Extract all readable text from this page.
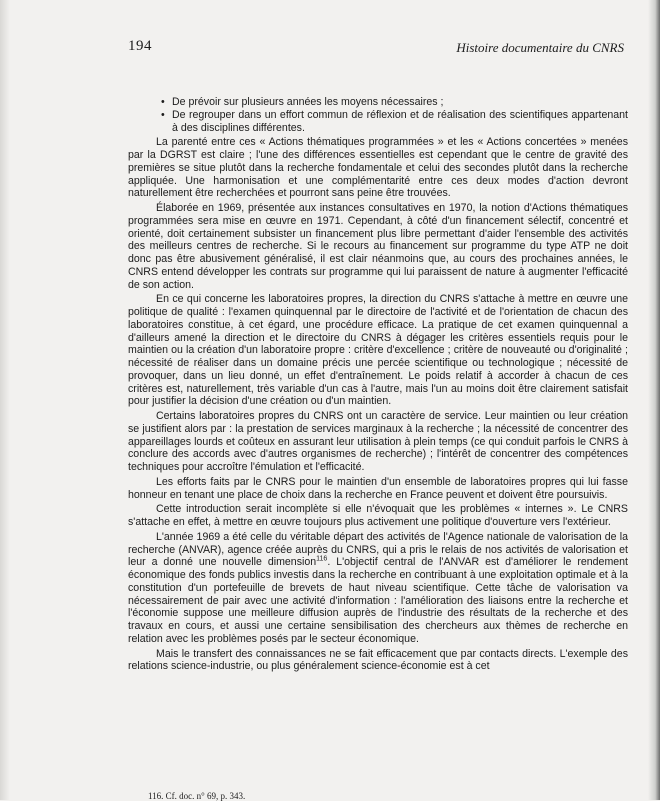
194	Histoire documentaire du CNRS

• De prévoir sur plusieurs années les moyens nécessaires ;

• De regrouper dans un effort commun de réflexion et de réalisation des scientifiques appartenant à des disciplines différentes.

La parenté entre ces « Actions thématiques programmées » et les « Actions concertées » menées par la DGRST est claire ; l'une des différences essentielles est cependant que le centre de gravité des premières se situe plutôt dans la recherche fondamentale et celui des secondes plutôt dans la recherche appliquée. Une harmonisation et une complémentarité entre ces deux modes d'action devront naturellement être recherchées et pourront sans peine être trouvées.

Élaborée en 1969, présentée aux instances consultatives en 1970, la notion d'Actions thématiques programmées sera mise en œuvre en 1971. Cependant, à côté d'un financement sélectif, concentré et orienté, doit certainement subsister un financement plus libre permettant d'aider l'ensemble des activités des meilleurs centres de recherche. Si le recours au financement sur programme du type ATP ne doit donc pas être abusivement généralisé, il est clair néanmoins que, au cours des prochaines années, le CNRS entend développer les contrats sur programme qui lui paraissent de nature à augmenter l'efficacité de son action.

En ce qui concerne les laboratoires propres, la direction du CNRS s'attache à mettre en œuvre une politique de qualité : l'examen quinquennal par le directoire de l'activité et de l'orientation de chacun des laboratoires constitue, à cet égard, une procédure efficace. La pratique de cet examen quinquennal a d'ailleurs amené la direction et le directoire du CNRS à dégager les critères essentiels requis pour le maintien ou la création d'un laboratoire propre : critère d'excellence ; critère de nouveauté ou d'originalité ; nécessité de réaliser dans un domaine précis une percée scientifique ou technologique ; nécessité de provoquer, dans un lieu donné, un effet d'entraînement. Le poids relatif à accorder à chacun de ces critères est, naturellement, très variable d'un cas à l'autre, mais l'un au moins doit être clairement satisfait pour justifier la décision d'une création ou d'un maintien.

Certains laboratoires propres du CNRS ont un caractère de service. Leur maintien ou leur création se justifient alors par : la prestation de services marginaux à la recherche ; la nécessité de concentrer des appareillages lourds et coûteux en assurant leur utilisation à plein temps (ce qui conduit parfois le CNRS à conclure des accords avec d'autres organismes de recherche) ; l'intérêt de concentrer des compétences techniques pour accroître l'émulation et l'efficacité.

Les efforts faits par le CNRS pour le maintien d'un ensemble de laboratoires propres qui lui fasse honneur en tenant une place de choix dans la recherche en France peuvent et doivent être poursuivis.

Cette introduction serait incomplète si elle n'évoquait que les problèmes « internes ». Le CNRS s'attache en effet, à mettre en œuvre toujours plus activement une politique d'ouverture vers l'extérieur.

L'année 1969 a été celle du véritable départ des activités de l'Agence nationale de valorisation de la recherche (ANVAR), agence créée auprès du CNRS, qui a pris le relais de nos activités de valorisation et leur a donné une nouvelle dimension$^{116}$. L'objectif central de l'ANVAR est d'améliorer le rendement économique des fonds publics investis dans la recherche en contribuant à une exploitation optimale et à la constitution d'un portefeuille de brevets de haut niveau scientifique. Cette tâche de valorisation va nécessairement de pair avec une activité d'information : l'amélioration des liaisons entre la recherche et l'économie suppose une meilleure diffusion auprès de l'industrie des résultats de la recherche et des travaux en cours, et aussi une certaine sensibilisation des chercheurs aux thèmes de recherche en relation avec les problèmes posés par le secteur économique.

Mais le transfert des connaissances ne se fait efficacement que par contacts directs. L'exemple des relations science-industrie, ou plus généralement science-économie est à cet

116. Cf. doc. n° 69, p. 343.
